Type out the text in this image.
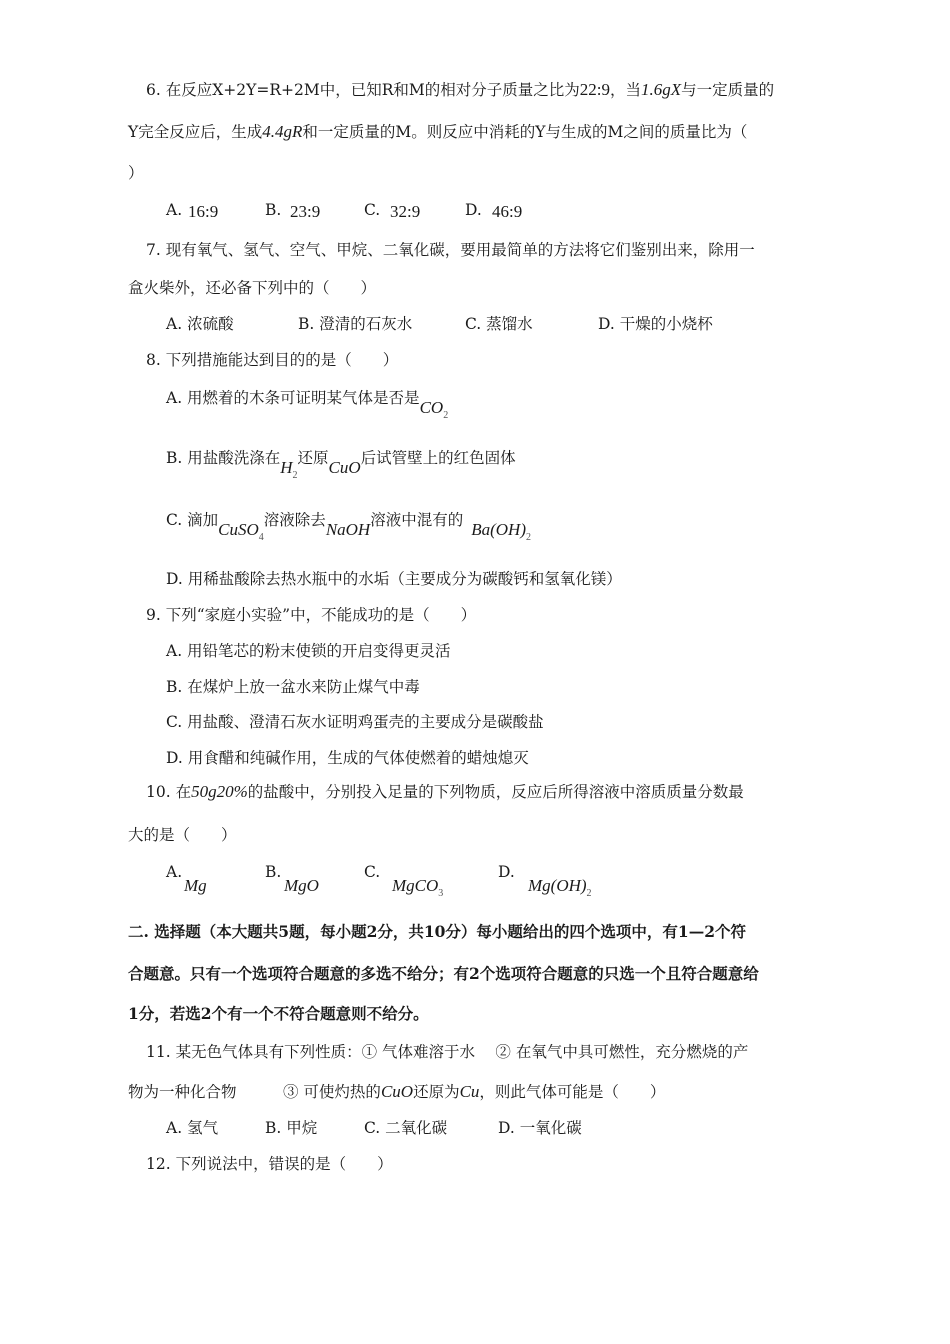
6. 在反应X+2Y=R+2M中，已知R和M的相对分子质量之比为22:9，当1.6gX与一定质量的
Y完全反应后，生成4.4gR和一定质量的M。则反应中消耗的Y与生成的M之间的质量比为（
）
A. 16:9	B. 23:9	C. 32:9	D. 46:9
7. 现有氧气、氢气、空气、甲烷、二氧化碳，要用最简单的方法将它们鉴别出来，除用一
盒火柴外，还必备下列中的（　　）
A. 浓硫酸	B. 澄清的石灰水	C. 蒸馏水	D. 干燥的小烧杯
8. 下列措施能达到目的的是（　　）
A. 用燃着的木条可证明某气体是否是$CO_2$
B. 用盐酸洗涤在$H_2$还原CuO后试管壁上的红色固体
C. 滴加CuSO$_4$溶液除去NaOH溶液中混有的 $Ba(OH)_2$
D. 用稀盐酸除去热水瓶中的水垢（主要成分为碳酸钙和氢氧化镁）
9. 下列“家庭小实验”中，不能成功的是（　　）
A. 用铅笔芯的粉末使锁的开启变得更灵活
B. 在煤炉上放一盆水来防止煤气中毒
C. 用盐酸、澄清石灰水证明鸡蛋壳的主要成分是碳酸盐
D. 用食醋和纯碱作用，生成的气体使燃着的蜡烛熄灭
10. 在50g20%的盐酸中，分别投入足量的下列物质，反应后所得溶液中溶质质量分数最
大的是（　　）
A.
Mg
B.
MgO
C.
MgCO$_3$
D.
$Mg(OH)_2$
二. 选择题（本大题共5题，每小题2分，共10分）每小题给出的四个选项中，有1—2个符
合题意。只有一个选项符合题意的多选不给分；有2个选项符合题意的只选一个且符合题意给
1分，若选2个有一个不符合题意则不给分。
11. 某无色气体具有下列性质：① 气体难溶于水　 ② 在氧气中具可燃性，充分燃烧的产
物为一种化合物　　　③ 可使灼热的CuO还原为Cu，则此气体可能是（　　）
A. 氢气	B. 甲烷	C. 二氧化碳	D. 一氧化碳
12. 下列说法中，错误的是（　　）
